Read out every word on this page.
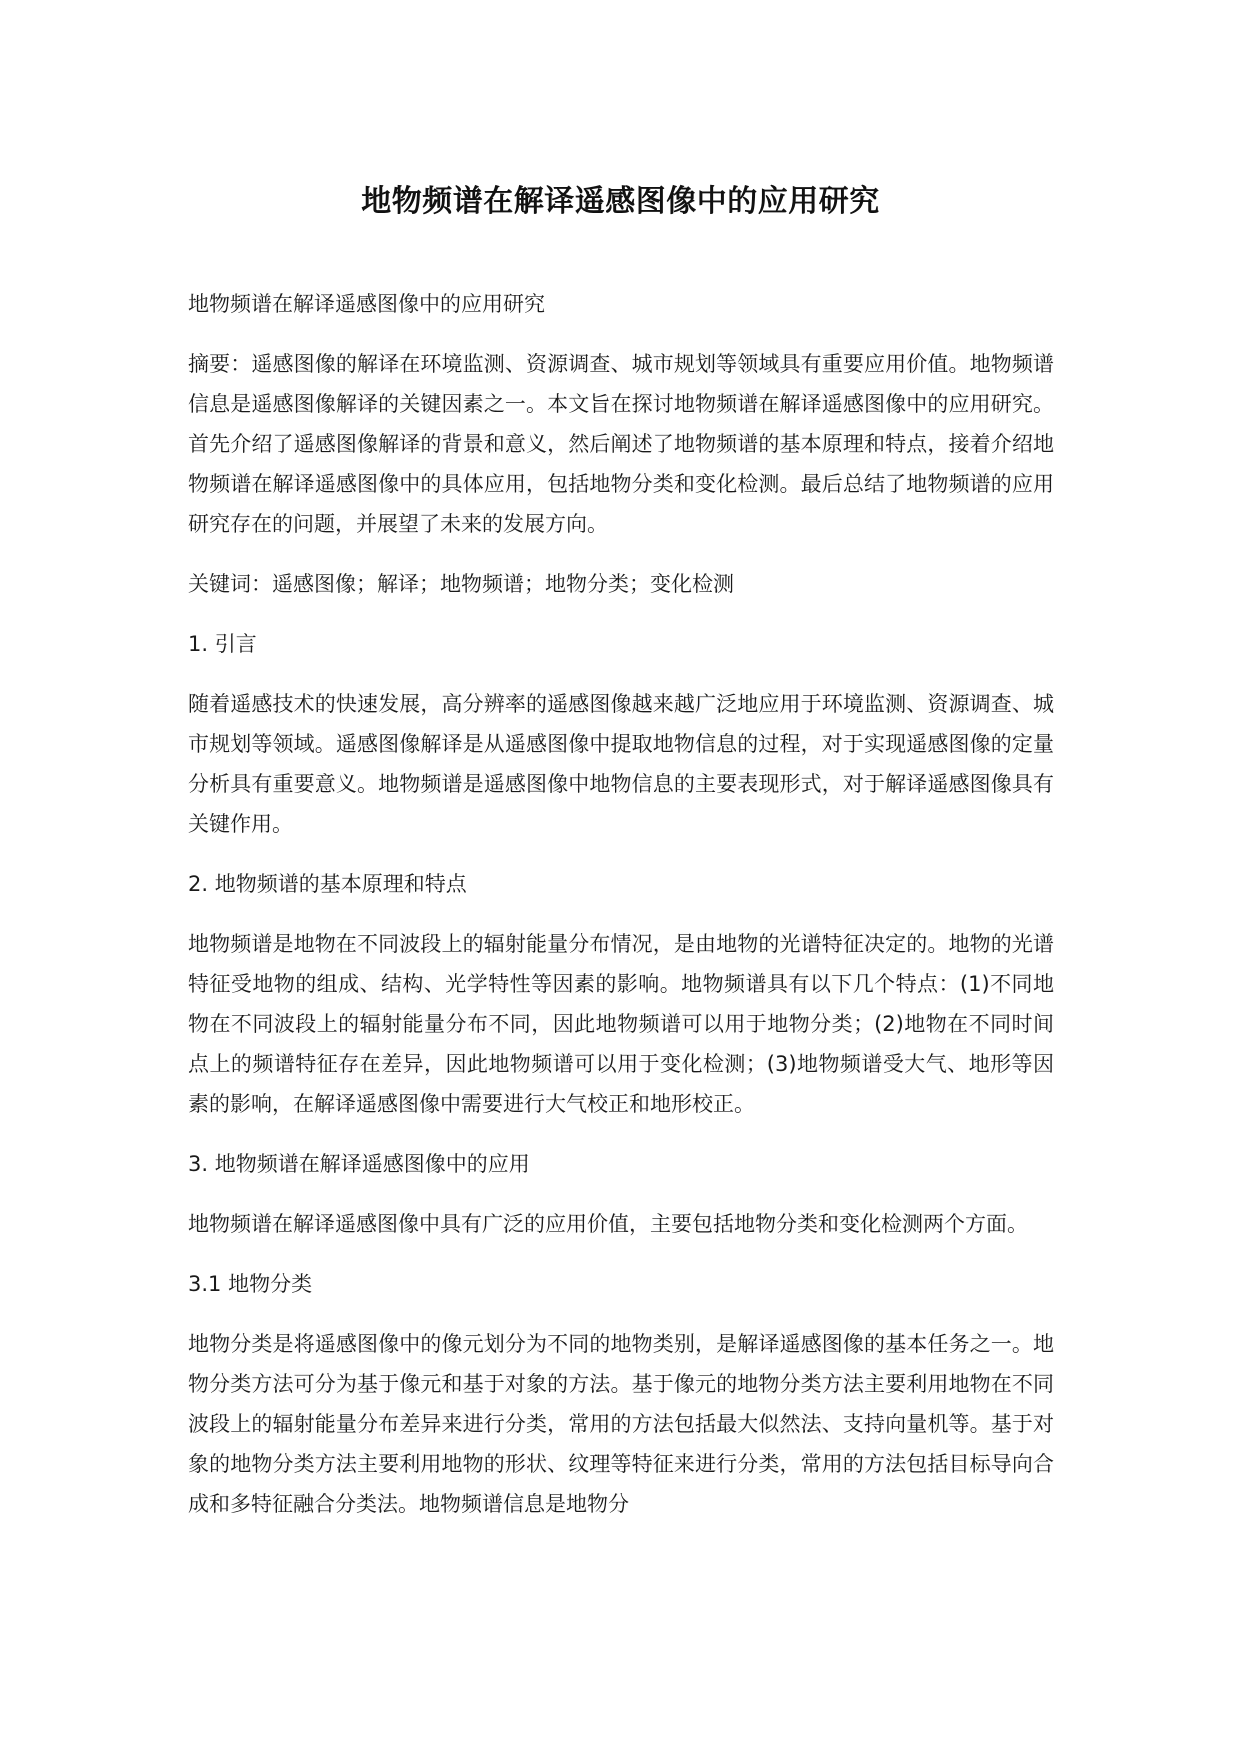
地物频谱在解译遥感图像中的应用研究

地物频谱在解译遥感图像中的应用研究

摘要：遥感图像的解译在环境监测、资源调查、城市规划等领域具有重要应用价值。地物频谱信息是遥感图像解译的关键因素之一。本文旨在探讨地物频谱在解译遥感图像中的应用研究。首先介绍了遥感图像解译的背景和意义，然后阐述了地物频谱的基本原理和特点，接着介绍地物频谱在解译遥感图像中的具体应用，包括地物分类和变化检测。最后总结了地物频谱的应用研究存在的问题，并展望了未来的发展方向。

关键词：遥感图像；解译；地物频谱；地物分类；变化检测

1. 引言

随着遥感技术的快速发展，高分辨率的遥感图像越来越广泛地应用于环境监测、资源调查、城市规划等领域。遥感图像解译是从遥感图像中提取地物信息的过程，对于实现遥感图像的定量分析具有重要意义。地物频谱是遥感图像中地物信息的主要表现形式，对于解译遥感图像具有关键作用。

2. 地物频谱的基本原理和特点

地物频谱是地物在不同波段上的辐射能量分布情况，是由地物的光谱特征决定的。地物的光谱特征受地物的组成、结构、光学特性等因素的影响。地物频谱具有以下几个特点：(1)不同地物在不同波段上的辐射能量分布不同，因此地物频谱可以用于地物分类；(2)地物在不同时间点上的频谱特征存在差异，因此地物频谱可以用于变化检测；(3)地物频谱受大气、地形等因素的影响，在解译遥感图像中需要进行大气校正和地形校正。

3. 地物频谱在解译遥感图像中的应用

地物频谱在解译遥感图像中具有广泛的应用价值，主要包括地物分类和变化检测两个方面。

3.1 地物分类

地物分类是将遥感图像中的像元划分为不同的地物类别，是解译遥感图像的基本任务之一。地物分类方法可分为基于像元和基于对象的方法。基于像元的地物分类方法主要利用地物在不同波段上的辐射能量分布差异来进行分类，常用的方法包括最大似然法、支持向量机等。基于对象的地物分类方法主要利用地物的形状、纹理等特征来进行分类，常用的方法包括目标导向合成和多特征融合分类法。地物频谱信息是地物分
